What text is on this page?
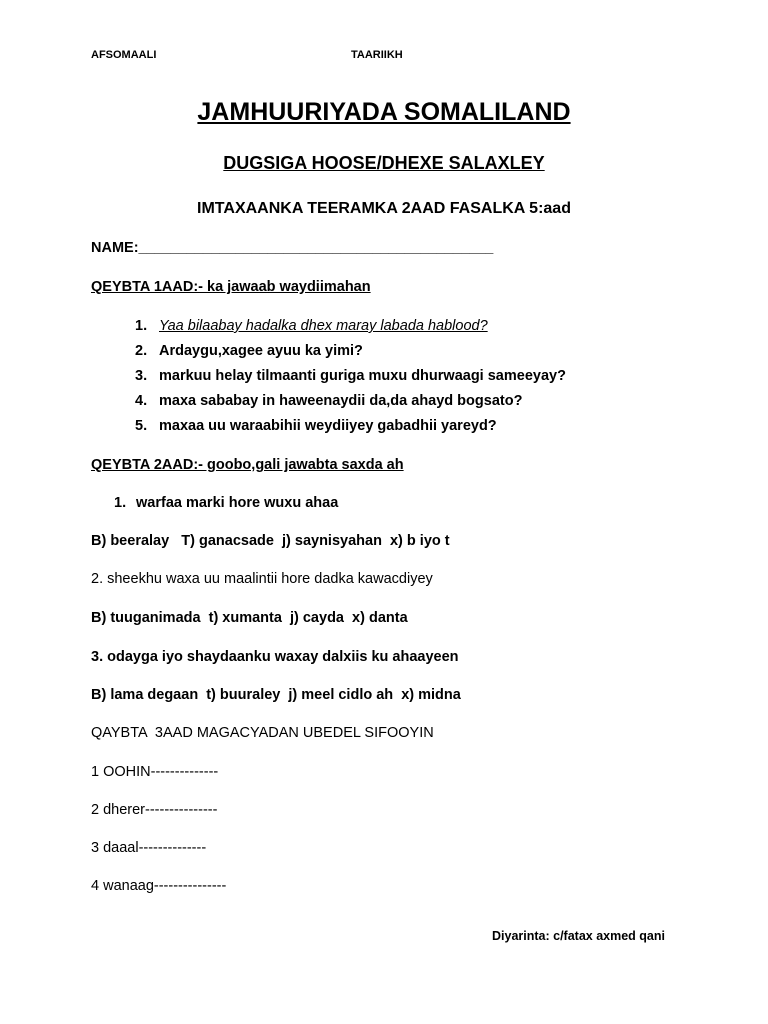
AFSOMAALI	TAARIIKH
JAMHUURIYADA SOMALILAND
DUGSIGA HOOSE/DHEXE SALAXLEY
IMTAXAANKA TEERAMKA 2AAD FASALKA 5:aad
NAME:____________________________________________
QEYBTA 1AAD:- ka jawaab waydiimahan
1. Yaa bilaabay hadalka dhex maray labada hablood?
2. Ardaygu,xagee ayuu ka yimi?
3. markuu helay tilmaanti guriga muxu dhurwaagi sameeyay?
4. maxa sababay in haweenaydii da,da ahayd bogsato?
5. maxaa uu waraabihii weydiiyey gabadhii yareyd?
QEYBTA 2AAD:- goobo,gali jawabta saxda ah
1. warfaa marki hore wuxu ahaa
B) beeralay   T) ganacsade  j) saynisyahan  x) b iyo t
2. sheekhu waxa uu maalintii hore dadka kawacdiyey
B) tuuganimada  t) xumanta  j) cayda  x) danta
3. odayga iyo shaydaanku waxay dalxiis ku ahaayeen
B) lama degaan  t) buuraley  j) meel cidlo ah  x) midna
QAYBTA  3AAD MAGACYADAN UBEDEL SIFOOYIN
1 OOHIN--------------
2 dherer---------------
3 daaal--------------
4 wanaag---------------
Diyarinta: c/fatax axmed qani
